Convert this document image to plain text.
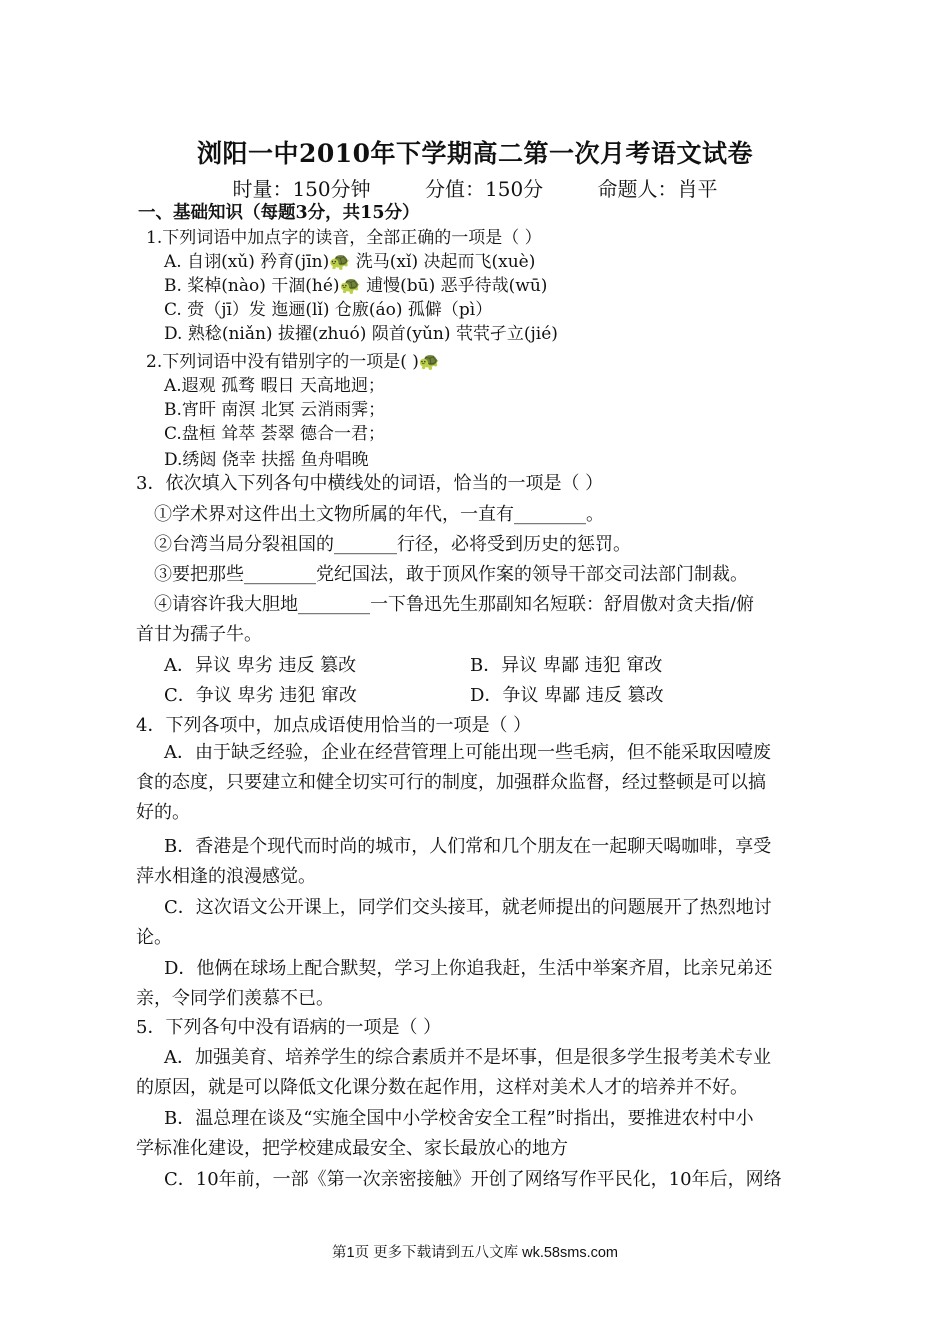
浏阳一中2010年下学期高二第一次月考语文试卷
时量：150分钟	分值：150分	命题人：肖平
一、基础知识（每题3分，共15分）
1.下列词语中加点字的读音，全部正确的一项是（ ）
A. 自诩(xǔ) 矜育(jīn)🐢 洗马(xǐ) 决起而飞(xuè)
B. 桨棹(nào) 干涸(hé)🐢 逋慢(bū) 恶乎待哉(wū)
C. 赍（jī）发 迤逦(lǐ) 仓廒(áo) 孤僻（pì）
D. 熟稔(niǎn) 拔擢(zhuó) 陨首(yǔn) 茕茕孑立(jié)
2.下列词语中没有错别字的一项是( )🐢
A.遐观 孤骛 暇日 天高地迥；
B.宵旰 南溟 北冥 云消雨霁；
C.盘桓 耸萃 荟翠 德合一君；
D.绣闼 侥幸 扶摇 鱼舟唱晚
3．依次填入下列各句中横线处的词语，恰当的一项是（ ）
①学术界对这件出土文物所属的年代，一直有________。
②台湾当局分裂祖国的_______行径，必将受到历史的惩罚。
③要把那些________党纪国法，敢于顶风作案的领导干部交司法部门制裁。
④请容许我大胆地________一下鲁迅先生那副知名短联：舒眉傲对贪夫指/俯
首甘为孺子牛。
A．异议 卑劣 违反 篡改	B．异议 卑鄙 违犯 窜改
C．争议 卑劣 违犯 窜改	D．争议 卑鄙 违反 篡改
4．下列各项中，加点成语使用恰当的一项是（ ）
A．由于缺乏经验，企业在经营管理上可能出现一些毛病，但不能采取因噎废
食的态度，只要建立和健全切实可行的制度，加强群众监督，经过整顿是可以搞
好的。
B．香港是个现代而时尚的城市，人们常和几个朋友在一起聊天喝咖啡，享受
萍水相逢的浪漫感觉。
C．这次语文公开课上，同学们交头接耳，就老师提出的问题展开了热烈地讨
论。
D．他俩在球场上配合默契，学习上你追我赶，生活中举案齐眉，比亲兄弟还
亲，令同学们羡慕不已。
5．下列各句中没有语病的一项是（ ）
A．加强美育、培养学生的综合素质并不是坏事，但是很多学生报考美术专业
的原因，就是可以降低文化课分数在起作用，这样对美术人才的培养并不好。
B．温总理在谈及“实施全国中小学校舍安全工程”时指出，要推进农村中小
学标准化建设，把学校建成最安全、家长最放心的地方
C．10年前，一部《第一次亲密接触》开创了网络写作平民化，10年后，网络
第1页 更多下载请到五八文库 wk.58sms.com
